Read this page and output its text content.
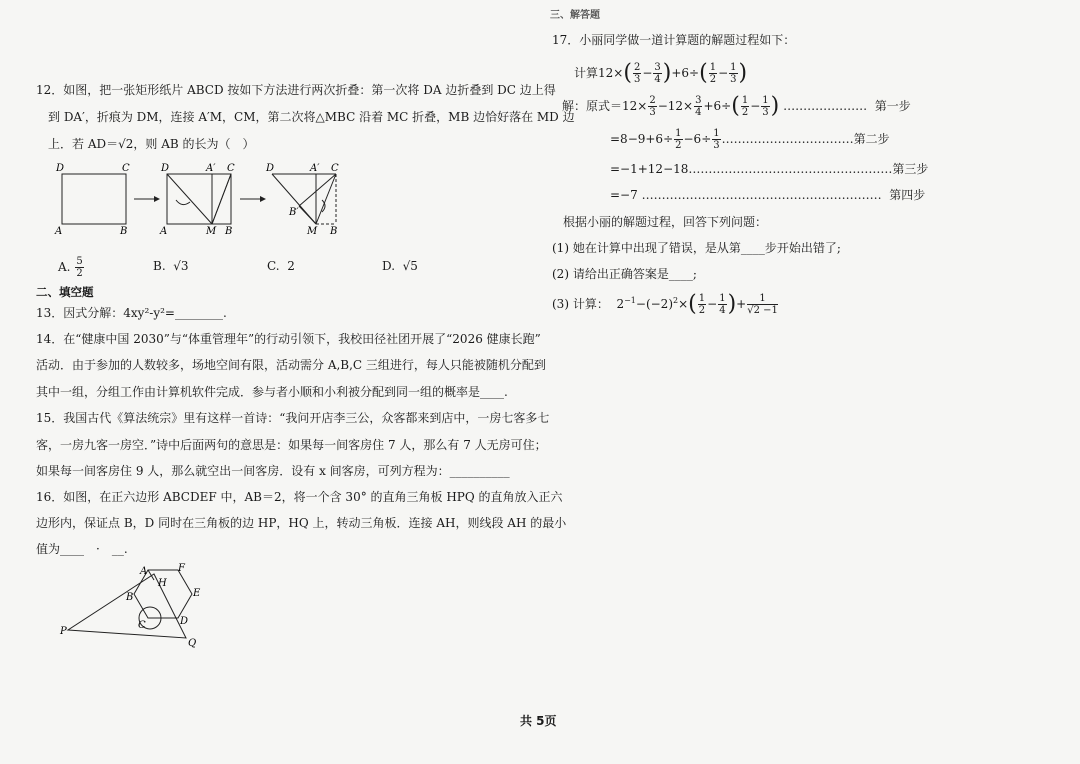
12．如图，把一张矩形纸片 ABCD 按如下方法进行两次折叠：第一次将 DA 边折叠到 DC 边上得
到 DA′，折痕为 DM，连接 A′M，CM，第二次将△MBC 沿着 MC 折叠，MB 边恰好落在 MD 边
上．若 AD＝√2，则 AB 的长为（　）
D	C
A	B
D	A′ C
A	M B
D	A′ C
B′
M B
A. $\frac{5}{2}$	B. √3	C. 2	D. √5
二、填空题
13．因式分解：4xy²-y²=________.
14．在“健康中国 2030”与“体重管理年”的行动引领下，我校田径社团开展了“2026 健康长跑”
活动．由于参加的人数较多，场地空间有限，活动需分 A,B,C 三组进行，每人只能被随机分配到
其中一组，分组工作由计算机软件完成．参与者小顺和小利被分配到同一组的概率是____.
15．我国古代《算法统宗》里有这样一首诗：“我问开店李三公，众客都来到店中，一房七客多七
客，一房九客一房空．”诗中后面两句的意思是：如果每一间客房住 7 人，那么有 7 人无房可住；
如果每一间客房住 9 人，那么就空出一间客房．设有 x 间客房，可列方程为：__________
16．如图，在正六边形 ABCDEF 中，AB＝2，将一个含 30° 的直角三角板 HPQ 的直角放入正六
边形内，保证点 B，D 同时在三角板的边 HP，HQ 上，转动三角板．连接 AH，则线段 AH 的最小
值为____　·　__.
A	F
H
B	E
C	D
P
Q
三、解答题
17．小丽同学做一道计算题的解题过程如下：
计算$12\times( \frac{2}{3} - \frac{3}{4} )+6\div( \frac{1}{2} - \frac{1}{3}$ )
解：原式$=12\times \frac{2}{3} -12\times \frac{3}{4} +6\div( \frac{1}{2} - \frac{1}{3}$ ) ………………… 第一步
$=8-9+6\div \frac{1}{2} -6\div \frac{1}{3}$ ……………………………第二步
=−1+12−18……………………………………………第三步
=−7 …………………………………………………… 第四步
根据小丽的解题过程，回答下列问题：
(1) 她在计算中出现了错误，是从第____步开始出错了;
(2) 请给出正确答案是____;
(3) 计算：  $2^{-1}-(-2)^2\times( \frac{1}{2} - \frac{1}{4}$ )+ $\frac{1}{√2 -1}$
共 5页
